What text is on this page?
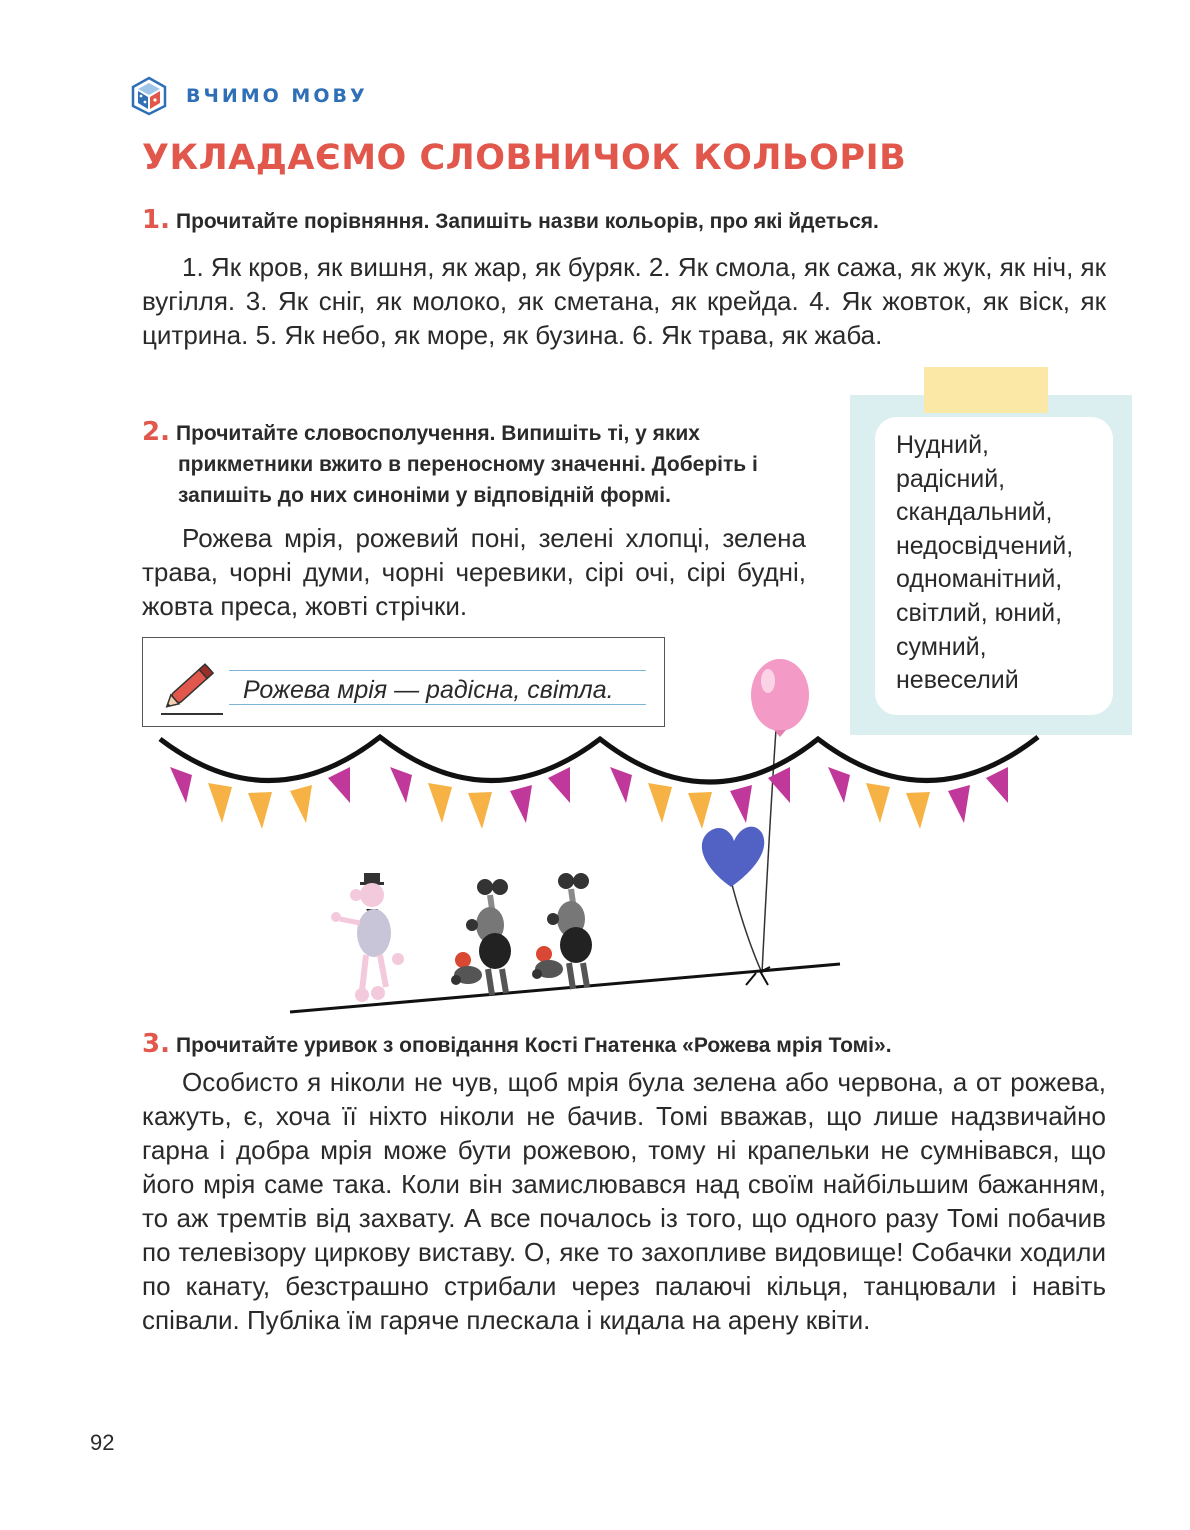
ВЧИМО МОВУ
УКЛАДАЄМО СЛОВНИЧОК КОЛЬОРІВ
1. Прочитайте порівняння. Запишіть назви кольорів, про які йдеться.
1. Як кров, як вишня, як жар, як буряк. 2. Як смола, як сажа, як жук, як ніч, як вугілля. 3. Як сніг, як молоко, як сметана, як крейда. 4. Як жовток, як віск, як цитрина. 5. Як небо, як море, як бузина. 6. Як трава, як жаба.
2. Прочитайте словосполучення. Випишіть ті, у яких
прикметники вжито в переносному значенні. Доберіть і запишіть до них синоніми у відповідній формі.
Рожева мрія, рожевий поні, зелені хлопці, зелена трава, чорні думи, чорні черевики, сірі очі, сірі будні, жовта преса, жовті стрічки.
Рожева мрія — радісна, світла.
Нудний,
радісний,
скандальний,
недосвідчений,
одноманітний,
світлий, юний,
сумний,
невеселий
3. Прочитайте уривок з оповідання Кості Гнатенка «Рожева мрія Томі».
Особисто я ніколи не чув, щоб мрія була зелена або червона, а от рожева, кажуть, є, хоча її ніхто ніколи не бачив. Томі вважав, що лише надзвичайно гарна і добра мрія може бути рожевою, тому ні крапельки не сумнівався, що його мрія саме така. Коли він замислювався над своїм найбільшим бажанням, то аж тремтів від захвату. А все почалось із того, що одного разу Томі побачив по телевізору циркову виставу. О, яке то захопливе видовище! Собачки ходили по канату, безстрашно стрибали через палаючі кільця, танцювали і навіть співали. Публіка їм гаряче плескала і кидала на арену квіти.
92
